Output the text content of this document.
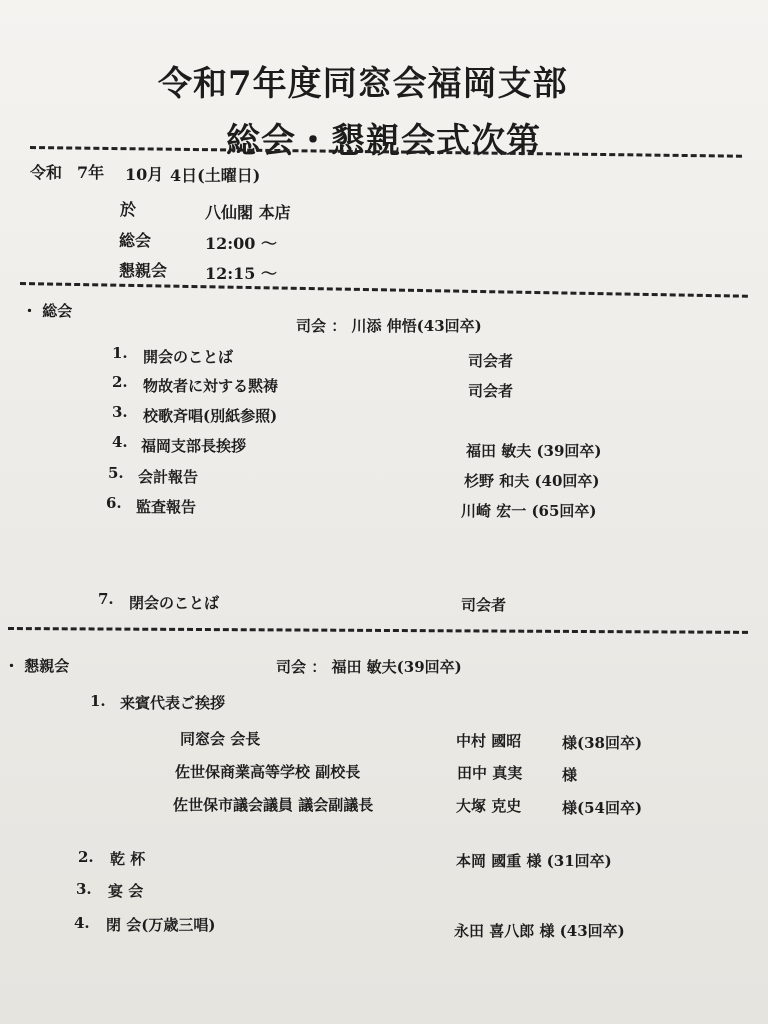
令和7年度同窓会福岡支部
総会・懇親会式次第
令和 7年 10月 4日(土曜日)
於	八仙閣 本店
総会	12:00 ～
懇親会 12:15 ～
・ 総会
司会 ： 川添 伸悟(43回卒)
1. 開会のことば	司会者
2. 物故者に対する黙祷	司会者
3. 校歌斉唱(別紙参照)
4. 福岡支部長挨拶	福田 敏夫 (39回卒)
5. 会計報告	杉野 和夫 (40回卒)
6. 監査報告	川崎 宏一 (65回卒)
7. 閉会のことば	司会者
・ 懇親会	司会 ： 福田 敏夫(39回卒)
1. 来賓代表ご挨拶
同窓会 会長	中村 國昭	様(38回卒)
佐世保商業高等学校 副校長	田中 真実	様
佐世保市議会議員 議会副議長	大塚 克史	様(54回卒)
2. 乾 杯	本岡 國重 様 (31回卒)
3. 宴 会
4. 閉 会(万歳三唱)	永田 喜八郎 様 (43回卒)
